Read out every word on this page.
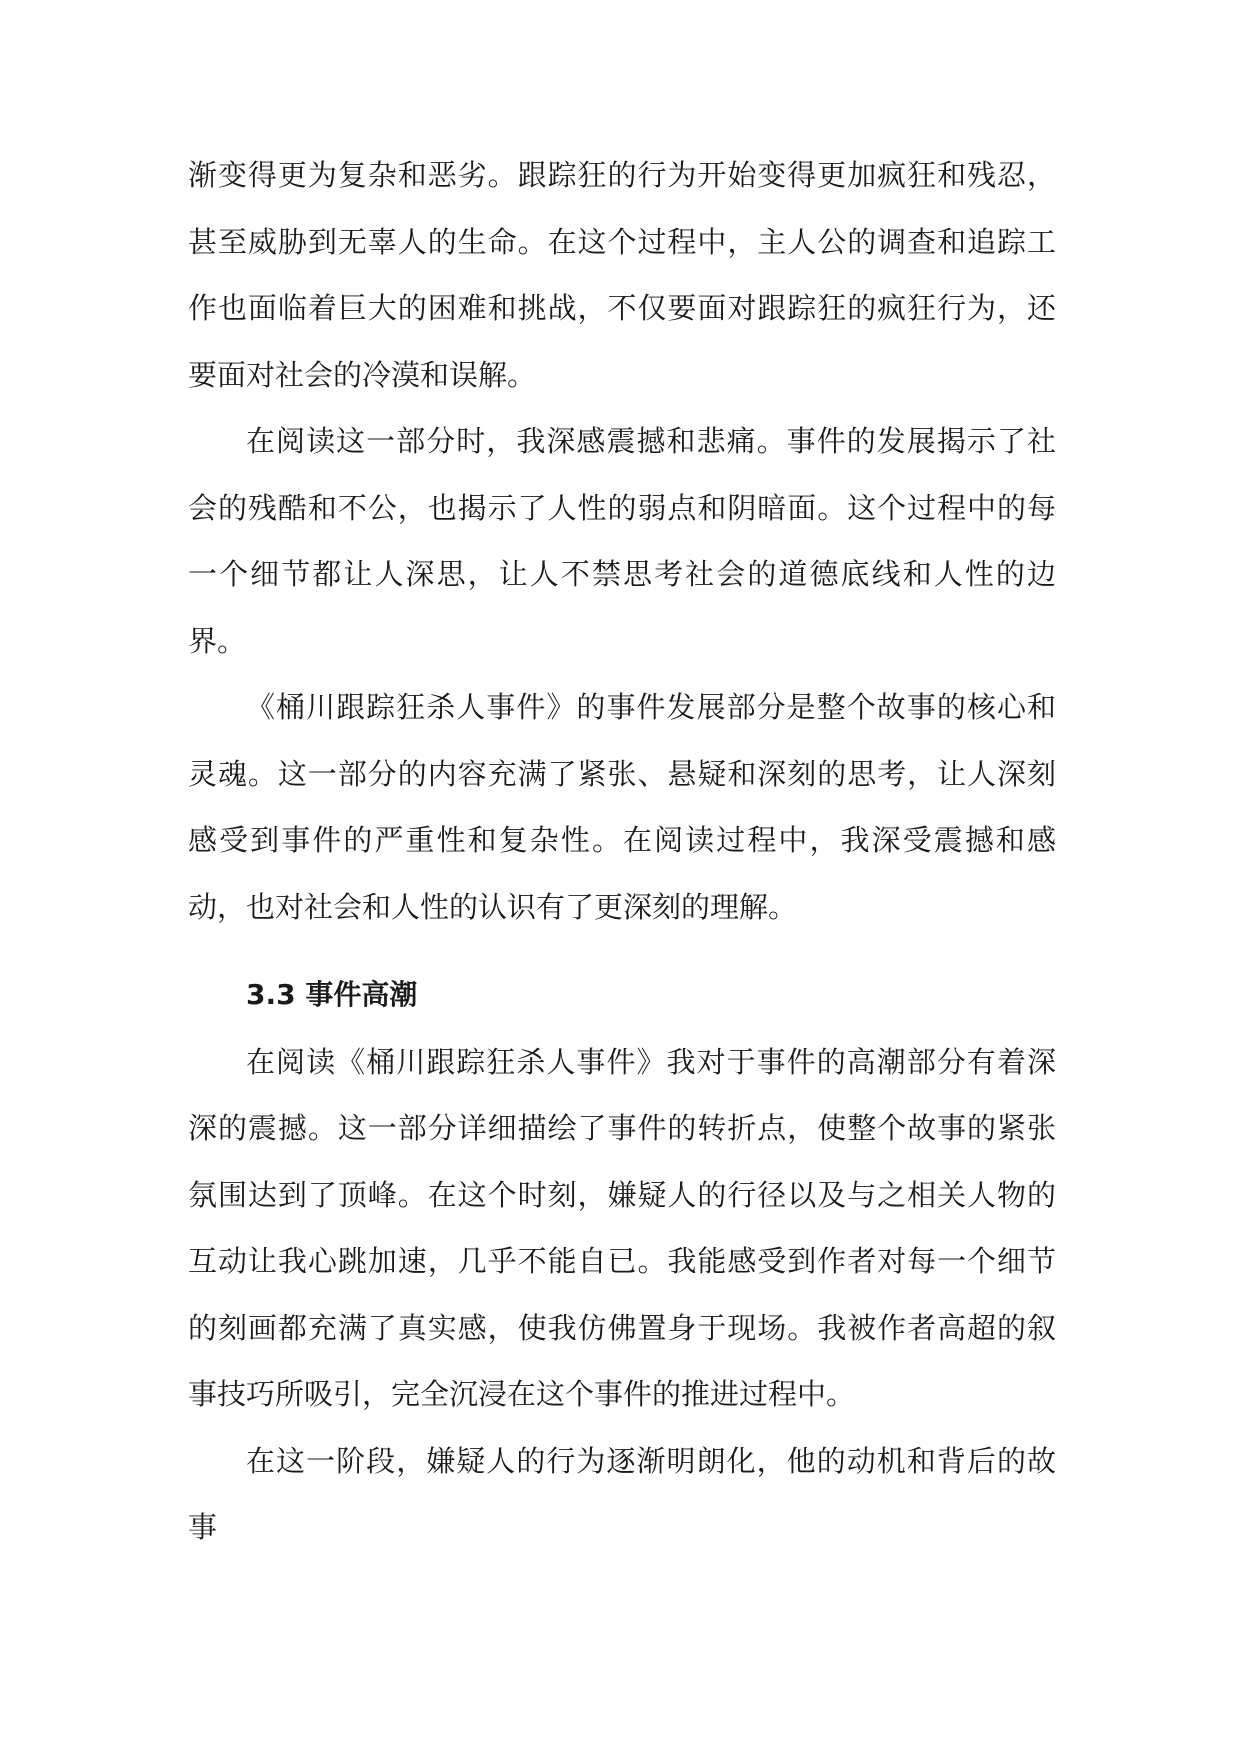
渐变得更为复杂和恶劣。跟踪狂的行为开始变得更加疯狂和残忍，甚至威胁到无辜人的生命。在这个过程中，主人公的调查和追踪工作也面临着巨大的困难和挑战，不仅要面对跟踪狂的疯狂行为，还要面对社会的冷漠和误解。

在阅读这一部分时，我深感震撼和悲痛。事件的发展揭示了社会的残酷和不公，也揭示了人性的弱点和阴暗面。这个过程中的每一个细节都让人深思，让人不禁思考社会的道德底线和人性的边界。

《桶川跟踪狂杀人事件》的事件发展部分是整个故事的核心和灵魂。这一部分的内容充满了紧张、悬疑和深刻的思考，让人深刻感受到事件的严重性和复杂性。在阅读过程中，我深受震撼和感动，也对社会和人性的认识有了更深刻的理解。

3.3 事件高潮

在阅读《桶川跟踪狂杀人事件》我对于事件的高潮部分有着深深的震撼。这一部分详细描绘了事件的转折点，使整个故事的紧张氛围达到了顶峰。在这个时刻，嫌疑人的行径以及与之相关人物的互动让我心跳加速，几乎不能自已。我能感受到作者对每一个细节的刻画都充满了真实感，使我仿佛置身于现场。我被作者高超的叙事技巧所吸引，完全沉浸在这个事件的推进过程中。

在这一阶段，嫌疑人的行为逐渐明朗化，他的动机和背后的故事
